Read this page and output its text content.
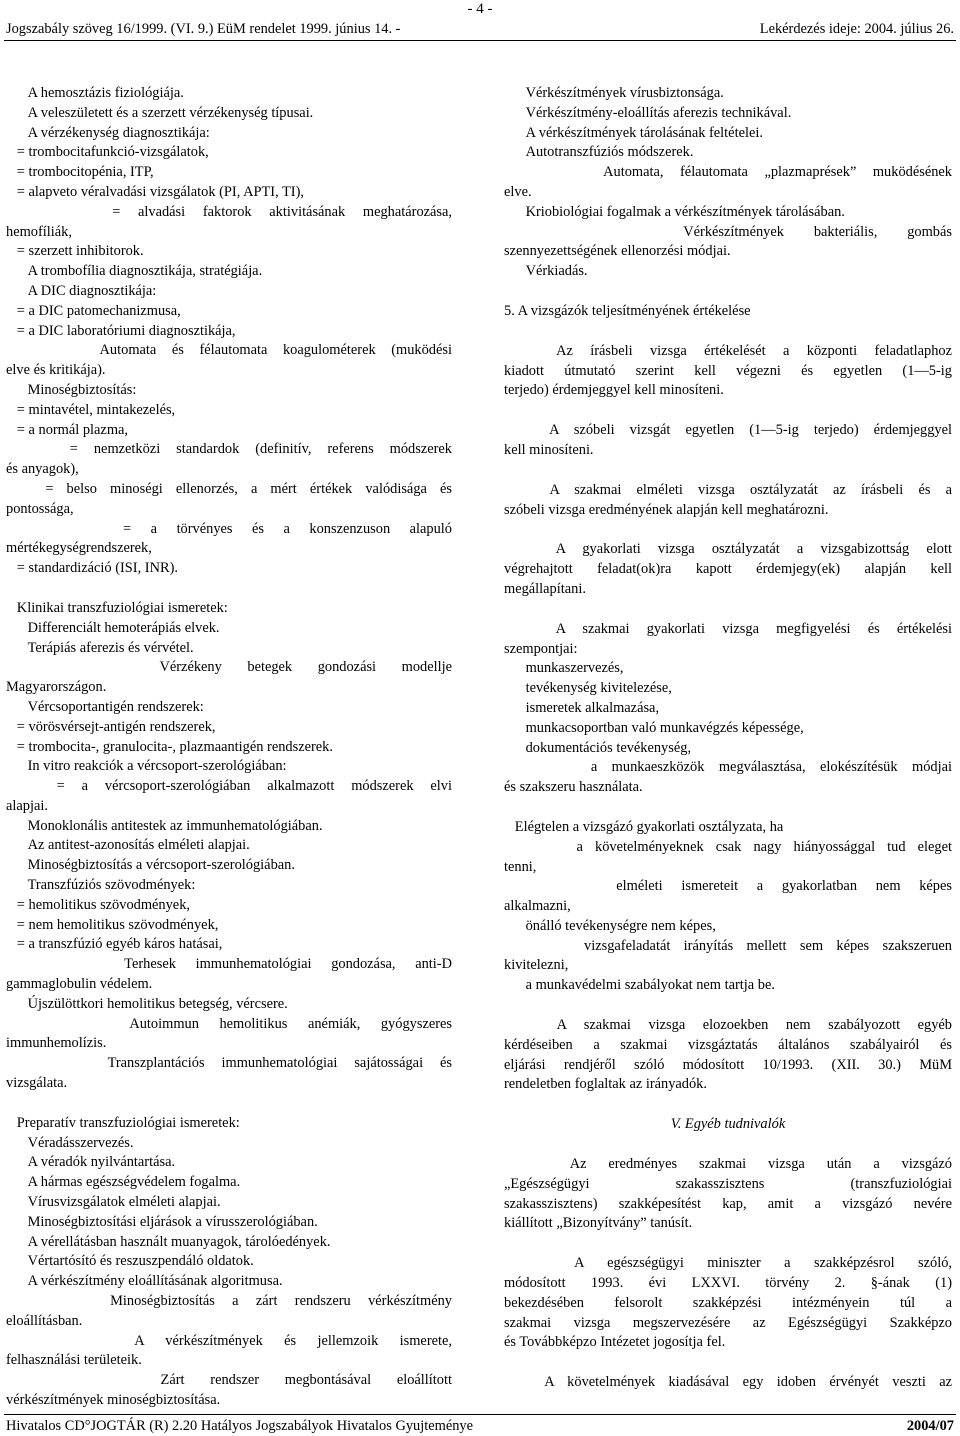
- 4 -
Jogszabály szöveg 16/1999. (VI. 9.) EüM rendelet 1999. június 14. -	Lekérdezés ideje: 2004. július 26.

A hemosztázis fiziológiája.

A veleszületett és a szerzett vérzékenység típusai.

A vérzékenység diagnosztikája:

= trombocitafunkció-vizsgálatok,

= trombocitopénia, ITP,

= alapveto véralvadási vizsgálatok (PI, APTI, TI),

= alvadási faktorok aktivitásának meghatározása,

hemofíliák,

= szerzett inhibitorok.

A trombofília diagnosztikája, stratégiája.

A DIC diagnosztikája:

= a DIC patomechanizmusa,

= a DIC laboratóriumi diagnosztikája,

Automata és félautomata koagulométerek (muködési

elve és kritikája).

Minoségbiztosítás:

= mintavétel, mintakezelés,

= a normál plazma,

= nemzetközi standardok (definitív, referens módszerek

és anyagok),

= belso minoségi ellenorzés, a mért értékek valódisága és

pontossága,

= a törvényes és a konszenzuson alapuló

mértékegységrendszerek,

= standardizáció (ISI, INR).

Klinikai transzfuziológiai ismeretek:

Differenciált hemoterápiás elvek.

Terápiás aferezis és vérvétel.

Vérzékeny betegek gondozási modellje

Magyarországon.

Vércsoportantigén rendszerek:

= vörösvérsejt-antigén rendszerek,

= trombocita-, granulocita-, plazmaantigén rendszerek.

In vitro reakciók a vércsoport-szerológiában:

= a vércsoport-szerológiában alkalmazott módszerek elvi

alapjai.

Monoklonális antitestek az immunhematológiában.

Az antitest-azonosítás elméleti alapjai.

Minoségbiztosítás a vércsoport-szerológiában.

Transzfúziós szövodmények:

= hemolitikus szövodmények,

= nem hemolitikus szövodmények,

= a transzfúzió egyéb káros hatásai,

Terhesek immunhematológiai gondozása, anti-D

gammaglobulin védelem.

Újszülöttkori hemolitikus betegség, vércsere.

Autoimmun hemolitikus anémiák, gyógyszeres

immunhemolízis.

Transzplantációs immunhematológiai sajátosságai és

vizsgálata.

Preparatív transzfuziológiai ismeretek:

Véradásszervezés.

A véradók nyilvántartása.

A hármas egészségvédelem fogalma.

Vírusvizsgálatok elméleti alapjai.

Minoségbiztosítási eljárások a vírusszerológiában.

A vérellátásban használt muanyagok, tárolóedények.

Vértartósító és reszuszpendáló oldatok.

A vérkészítmény eloállításának algoritmusa.

Minoségbiztosítás a zárt rendszeru vérkészítmény

eloállításban.

A vérkészítmények és jellemzoik ismerete,

felhasználási területeik.

Zárt rendszer megbontásával eloállított

vérkészítmények minoségbiztosítása.

Vérkészítmények vírusbiztonsága.

Vérkészítmény-eloállítás aferezis technikával.

A vérkészítmények tárolásának feltételei.

Autotranszfúziós módszerek.

Automata, félautomata „plazmaprések” muködésének

elve.

Kriobiológiai fogalmak a vérkészítmények tárolásában.

Vérkészítmények bakteriális, gombás

szennyezettségének ellenorzési módjai.

Vérkiadás.

5. A vizsgázók teljesítményének értékelése

Az írásbeli vizsga értékelését a központi feladatlaphoz

kiadott útmutató szerint kell végezni és egyetlen (1—5-ig

terjedo) érdemjeggyel kell minosíteni.

A szóbeli vizsgát egyetlen (1—5-ig terjedo) érdemjeggyel

kell minosíteni.

A szakmai elméleti vizsga osztályzatát az írásbeli és a

szóbeli vizsga eredményének alapján kell meghatározni.

A gyakorlati vizsga osztályzatát a vizsgabizottság elott

végrehajtott feladat(ok)ra kapott érdemjegy(ek) alapján kell

megállapítani.

A szakmai gyakorlati vizsga megfigyelési és értékelési

szempontjai:

munkaszervezés,

tevékenység kivitelezése,

ismeretek alkalmazása,

munkacsoportban való munkavégzés képessége,

dokumentációs tevékenység,

a munkaeszközök megválasztása, elokészítésük módjai

és szakszeru használata.

Elégtelen a vizsgázó gyakorlati osztályzata, ha

a követelményeknek csak nagy hiányossággal tud eleget

tenni,

elméleti ismereteit a gyakorlatban nem képes

alkalmazni,

önálló tevékenységre nem képes,

vizsgafeladatát irányítás mellett sem képes szakszeruen

kivitelezni,

a munkavédelmi szabályokat nem tartja be.

A szakmai vizsga elozoekben nem szabályozott egyéb

kérdéseiben a szakmai vizsgáztatás általános szabályairól és

eljárási rendjéről szóló módosított 10/1993. (XII. 30.) MüM

rendeletben foglaltak az irányadók.

V. Egyéb tudnivalók

Az eredményes szakmai vizsga után a vizsgázó

„Egészségügyi szakasszisztens (transzfuziológiai

szakasszisztens) szakképesítést kap, amit a vizsgázó nevére

kiállított „Bizonyítvány” tanúsít.

A egészségügyi miniszter a szakképzésrol szóló,

módosított 1993. évi LXXVI. törvény 2. §-ának (1)

bekezdésében felsorolt szakképzési intézményein túl a

szakmai vizsga megszervezésére az Egészségügyi Szakképzo

és Továbbképzo Intézetet jogosítja fel.

A követelmények kiadásával egy idoben érvényét veszti az

Hivatalos CD°JOGTÁR (R) 2.20 Hatályos Jogszabályok Hivatalos Gyujteménye	2004/07
